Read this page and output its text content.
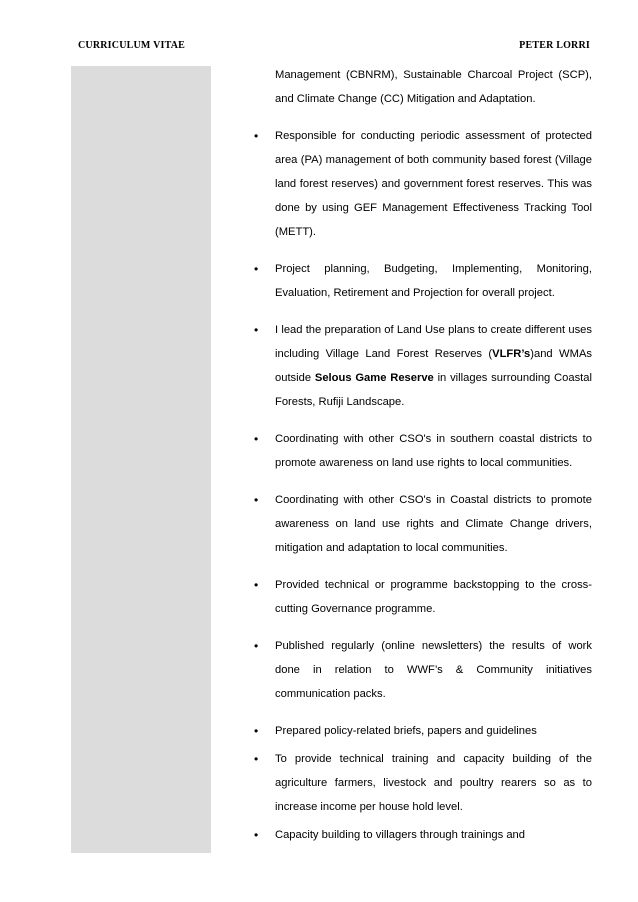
CURRICULUM VITAE	PETER LORRI

Management (CBNRM), Sustainable Charcoal Project (SCP), and Climate Change (CC) Mitigation and Adaptation.

• Responsible for conducting periodic assessment of protected area (PA) management of both community based forest (Village land forest reserves) and government forest reserves. This was done by using GEF Management Effectiveness Tracking Tool (METT).
• Project planning, Budgeting, Implementing, Monitoring, Evaluation, Retirement and Projection for overall project.
• I lead the preparation of Land Use plans to create different uses including Village Land Forest Reserves (VLFR’s)and WMAs outside Selous Game Reserve in villages surrounding Coastal Forests, Rufiji Landscape.
• Coordinating with other CSO's in southern coastal districts to promote awareness on land use rights to local communities.
• Coordinating with other CSO's in Coastal districts to promote awareness on land use rights and Climate Change drivers, mitigation and adaptation to local communities.
• Provided technical or programme backstopping to the cross-cutting Governance programme.
• Published regularly (online newsletters) the results of work done in relation to WWF’s & Community initiatives communication packs.
• Prepared policy-related briefs, papers and guidelines
• To provide technical training and capacity building of the agriculture farmers, livestock and poultry rearers so as to increase income per house hold level.
• Capacity building to villagers through trainings and
